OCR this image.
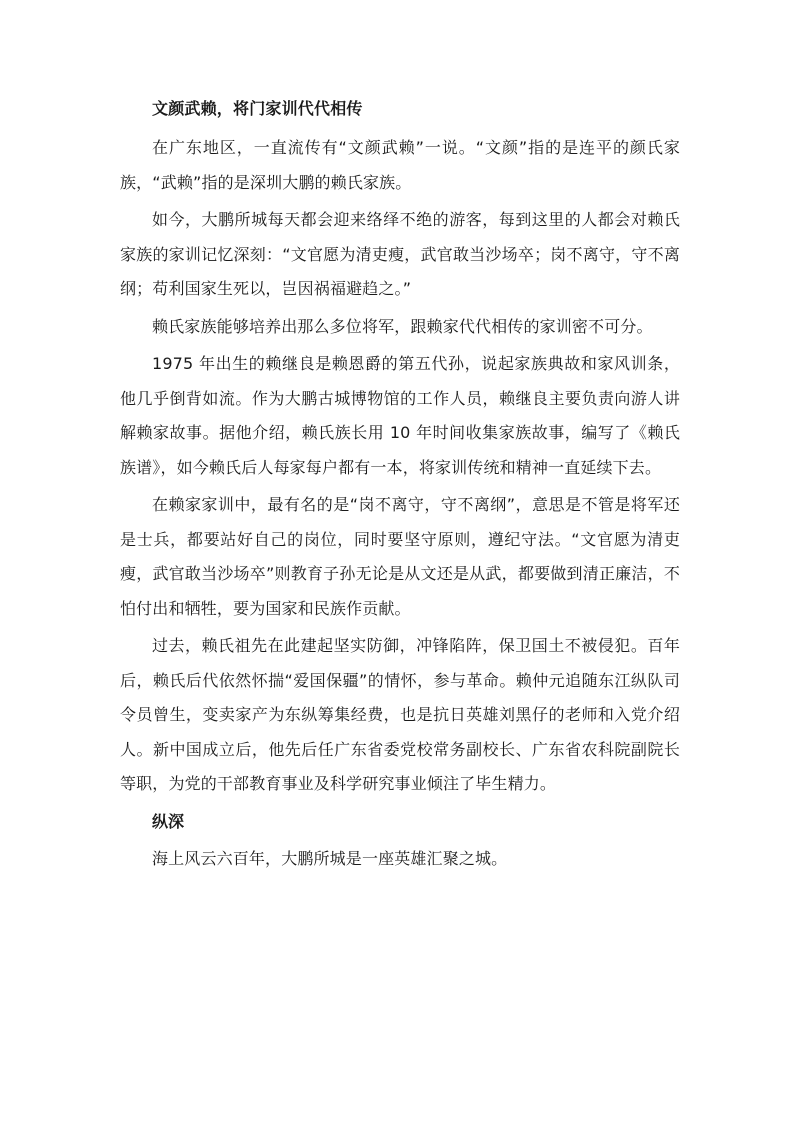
文颜武赖，将门家训代代相传

在广东地区，一直流传有“文颜武赖”一说。“文颜”指的是连平的颜氏家族，“武赖”指的是深圳大鹏的赖氏家族。

如今，大鹏所城每天都会迎来络绎不绝的游客，每到这里的人都会对赖氏家族的家训记忆深刻：“文官愿为清吏瘦，武官敢当沙场卒；岗不离守，守不离纲；苟利国家生死以，岂因祸福避趋之。”

赖氏家族能够培养出那么多位将军，跟赖家代代相传的家训密不可分。

1975 年出生的赖继良是赖恩爵的第五代孙，说起家族典故和家风训条，他几乎倒背如流。作为大鹏古城博物馆的工作人员，赖继良主要负责向游人讲解赖家故事。据他介绍，赖氏族长用 10 年时间收集家族故事，编写了《赖氏族谱》，如今赖氏后人每家每户都有一本，将家训传统和精神一直延续下去。

在赖家家训中，最有名的是“岗不离守，守不离纲”，意思是不管是将军还是士兵，都要站好自己的岗位，同时要坚守原则，遵纪守法。“文官愿为清吏瘦，武官敢当沙场卒”则教育子孙无论是从文还是从武，都要做到清正廉洁，不怕付出和牺牲，要为国家和民族作贡献。

过去，赖氏祖先在此建起坚实防御，冲锋陷阵，保卫国土不被侵犯。百年后，赖氏后代依然怀揣“爱国保疆”的情怀，参与革命。赖仲元追随东江纵队司令员曾生，变卖家产为东纵筹集经费，也是抗日英雄刘黑仔的老师和入党介绍人。新中国成立后，他先后任广东省委党校常务副校长、广东省农科院副院长等职，为党的干部教育事业及科学研究事业倾注了毕生精力。

纵深

海上风云六百年，大鹏所城是一座英雄汇聚之城。
